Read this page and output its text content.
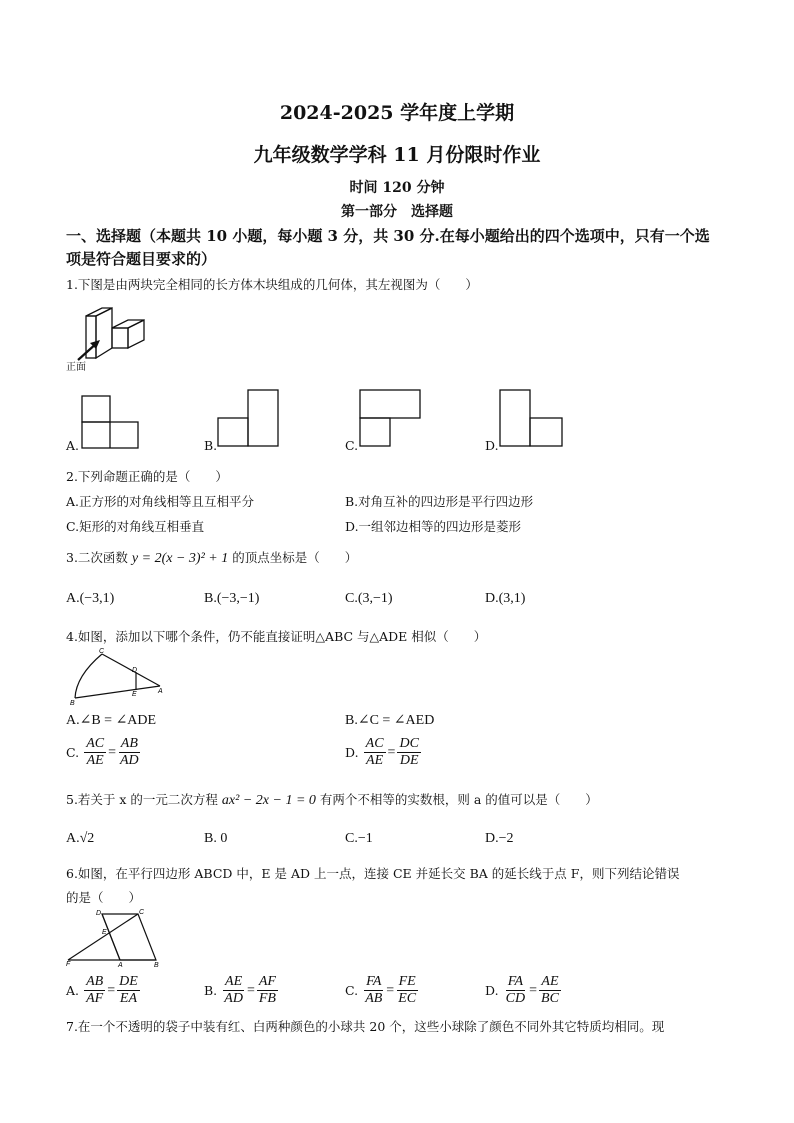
2024-2025 学年度上学期
九年级数学学科 11 月份限时作业
时间 120 分钟
第一部分　选择题
一、选择题（本题共 10 小题，每小题 3 分，共 30 分.在每小题给出的四个选项中，只有一个选
项是符合题目要求的）
1.下图是由两块完全相同的长方体木块组成的几何体，其左视图为（　　）
正面
A.	B.	C.	D.
2.下列命题正确的是（　　）
A.正方形的对角线相等且互相平分	B.对角互补的四边形是平行四边形
C.矩形的对角线互相垂直	D.一组邻边相等的四边形是菱形
3.二次函数 y = 2(x − 3)² + 1 的顶点坐标是（　　）
A.(−3,1)	B.(−3,−1)	C.(3,−1)	D.(3,1)
4.如图，添加以下哪个条件，仍不能直接证明△ABC 与△ADE 相似（　　）
C
D
E
B
A
A.∠B = ∠ADE	B.∠C = ∠AED
C. $\frac{AC}{AE} = \frac{AB}{AD}$	D. $\frac{AC}{AE} = \frac{DC}{DE}$
5.若关于 x 的一元二次方程 ax² − 2x − 1 = 0 有两个不相等的实数根，则 a 的值可以是（　　）
A.√2	B. 0	C.−1	D.−2
6.如图，在平行四边形 ABCD 中，E 是 AD 上一点，连接 CE 并延长交 BA 的延长线于点 F，则下列结论错误
的是（　　）
D	C
E
F	A	B
A. $\frac{AB}{AF} = \frac{DE}{EA}$	B. $\frac{AE}{AD} = \frac{AF}{FB}$	C. $\frac{FA}{AB} = \frac{FE}{EC}$	D. $\frac{FA}{CD} = \frac{AE}{BC}$
7.在一个不透明的袋子中装有红、白两种颜色的小球共 20 个，这些小球除了颜色不同外其它特质均相同。现
